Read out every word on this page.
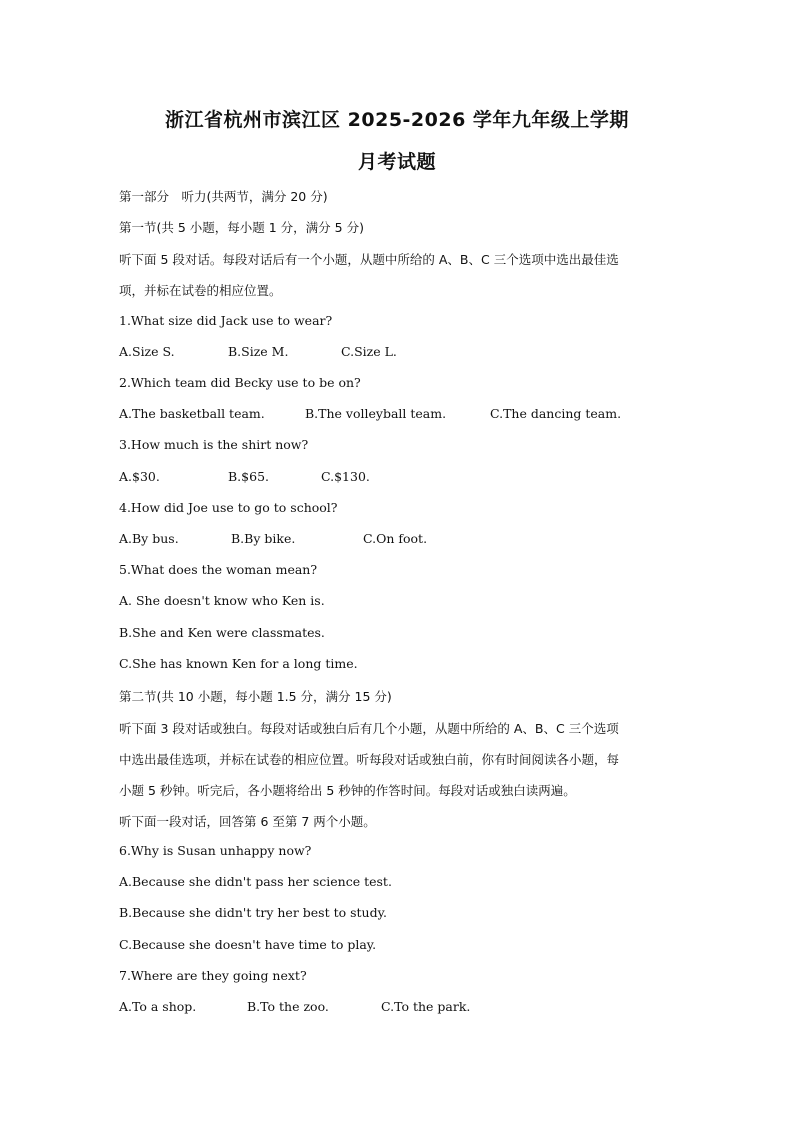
浙江省杭州市滨江区 2025-2026 学年九年级上学期
月考试题
第一部分　听力(共两节，满分 20 分)
第一节(共 5 小题，每小题 1 分，满分 5 分)
听下面 5 段对话。每段对话后有一个小题，从题中所给的 A、B、C 三个选项中选出最佳选
项，并标在试卷的相应位置。
1.What size did Jack use to wear?
A.Size S.	B.Size M.	C.Size L.
2.Which team did Becky use to be on?
A.The basketball team.	B.The volleyball team.	C.The dancing team.
3.How much is the shirt now?
A.$30.	B.$65.	C.$130.
4.How did Joe use to go to school?
A.By bus.	B.By bike.	C.On foot.
5.What does the woman mean?
A. She doesn't know who Ken is.
B.She and Ken were classmates.
C.She has known Ken for a long time.
第二节(共 10 小题，每小题 1.5 分，满分 15 分)
听下面 3 段对话或独白。每段对话或独白后有几个小题，从题中所给的 A、B、C 三个选项
中选出最佳选项，并标在试卷的相应位置。听每段对话或独白前，你有时间阅读各小题，每
小题 5 秒钟。听完后，各小题将给出 5 秒钟的作答时间。每段对话或独白读两遍。
听下面一段对话，回答第 6 至第 7 两个小题。
6.Why is Susan unhappy now?
A.Because she didn't pass her science test.
B.Because she didn't try her best to study.
C.Because she doesn't have time to play.
7.Where are they going next?
A.To a shop.	B.To the zoo.	C.To the park.
